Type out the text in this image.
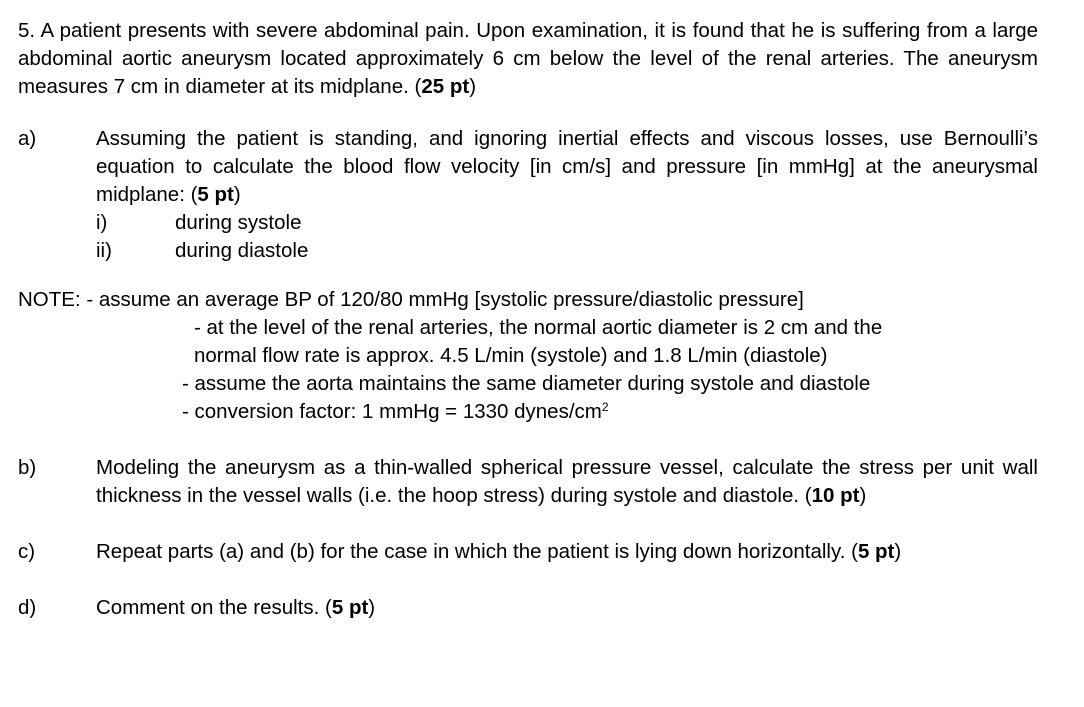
5. A patient presents with severe abdominal pain. Upon examination, it is found that he is suffering from a large abdominal aortic aneurysm located approximately 6 cm below the level of the renal arteries. The aneurysm measures 7 cm in diameter at its midplane. (25 pt)
a)	Assuming the patient is standing, and ignoring inertial effects and viscous losses, use Bernoulli’s equation to calculate the blood flow velocity [in cm/s] and pressure [in mmHg] at the aneurysmal midplane: (5 pt)
i)	during systole
ii)	during diastole
NOTE: - assume an average BP of 120/80 mmHg [systolic pressure/diastolic pressure]
- at the level of the renal arteries, the normal aortic diameter is 2 cm and the
normal flow rate is approx. 4.5 L/min (systole) and 1.8 L/min (diastole)
- assume the aorta maintains the same diameter during systole and diastole
- conversion factor: 1 mmHg = 1330 dynes/$cm^2$
b)	Modeling the aneurysm as a thin-walled spherical pressure vessel, calculate the stress per unit wall thickness in the vessel walls (i.e. the hoop stress) during systole and diastole. (10 pt)
c)	Repeat parts (a) and (b) for the case in which the patient is lying down horizontally. (5 pt)
d)	Comment on the results. (5 pt)
